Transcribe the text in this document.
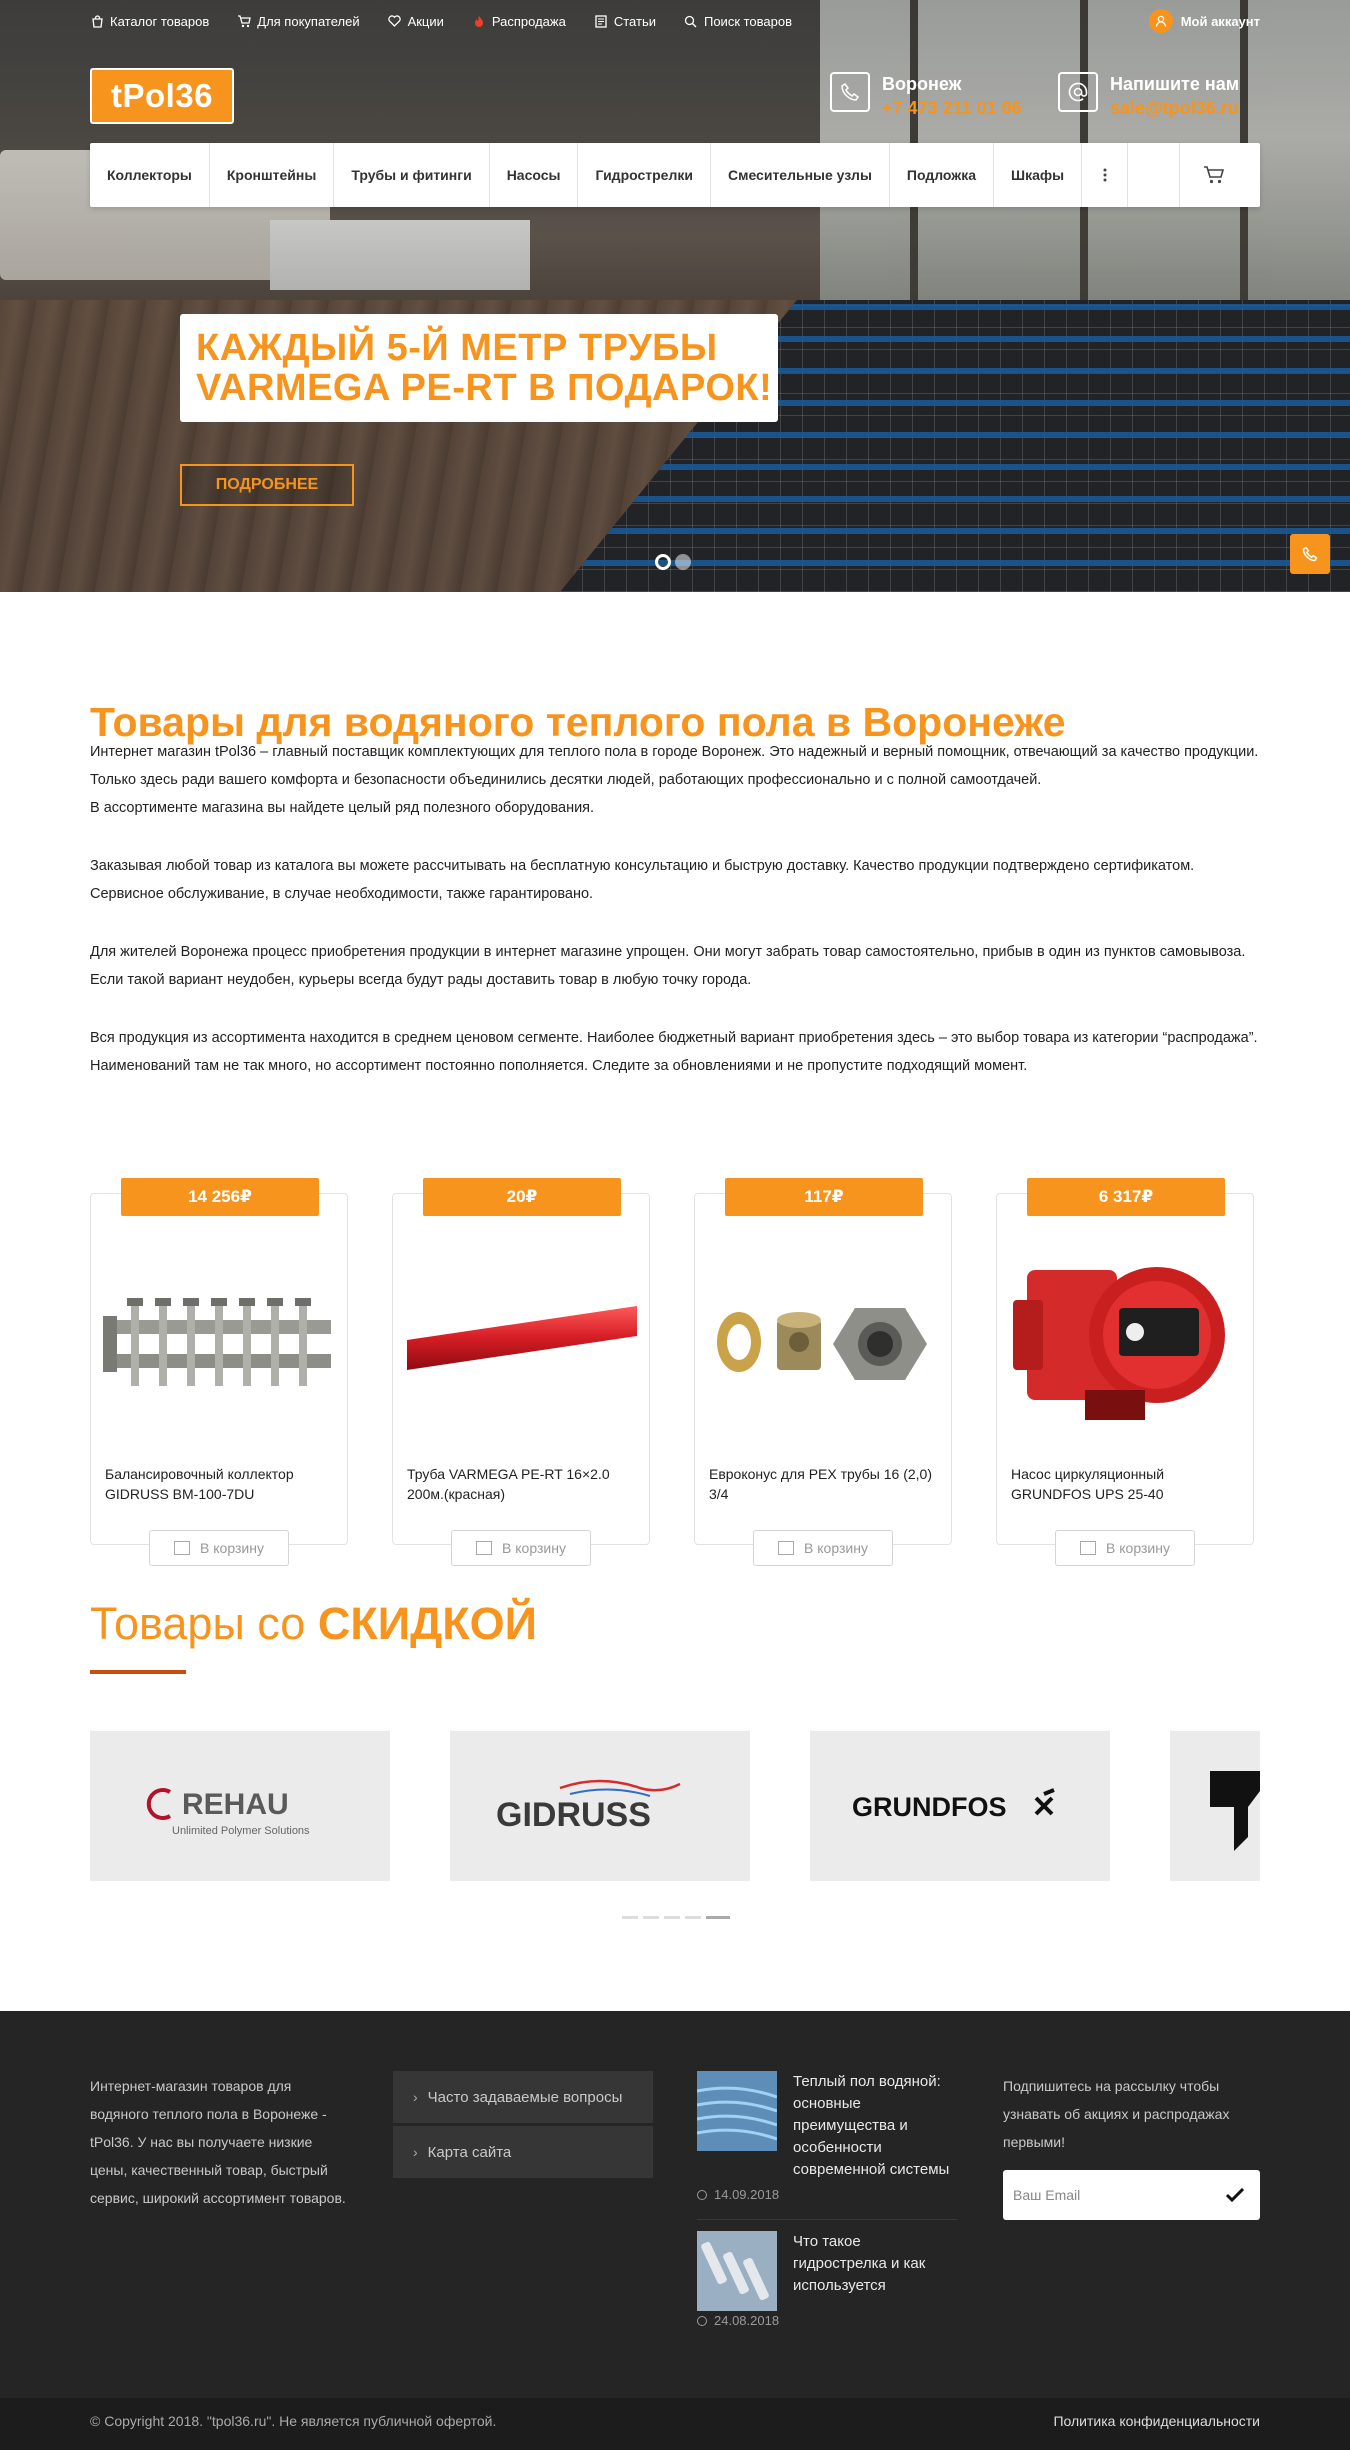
Каталог товаров	Для покупателей	Акции	Распродажа	Статьи	Поиск товаров	Мой аккаунт
tPol36	Воронеж
+7 473 211 01 06
Напишите нам
sale@tpol36.ru
Коллекторы	Кронштейны	Трубы и фитинги	Насосы	Гидрострелки	Смесительные узлы	Подложка	Шкафы
КАЖДЫЙ 5-Й МЕТР ТРУБЫ
VARMEGA PE-RT В ПОДАРОК!
ПОДРОБНЕЕ
Товары для водяного теплого пола в Воронеже

Интернет магазин tPol36 – главный поставщик комплектующих для теплого пола в городе Воронеж. Это надежный и верный помощник, отвечающий за качество продукции. Только здесь ради вашего комфорта и безопасности объединились десятки людей, работающих профессионально и с полной самоотдачей.

В ассортименте магазина вы найдете целый ряд полезного оборудования.

Заказывая любой товар из каталога вы можете рассчитывать на бесплатную консультацию и быструю доставку. Качество продукции подтверждено сертификатом. Сервисное обслуживание, в случае необходимости, также гарантировано.

Для жителей Воронежа процесс приобретения продукции в интернет магазине упрощен. Они могут забрать товар самостоятельно, прибыв в один из пунктов самовывоза. Если такой вариант неудобен, курьеры всегда будут рады доставить товар в любую точку города.

Вся продукция из ассортимента находится в среднем ценовом сегменте. Наиболее бюджетный вариант приобретения здесь – это выбор товара из категории “распродажа”. Наименований там не так много, но ассортимент постоянно пополняется. Следите за обновлениями и не пропустите подходящий момент.

14 256₽
Балансировочный коллектор GIDRUSS BM-100-7DU
В корзину
20₽
Труба VARMEGA PE-RT 16×2.0 200м.(красная)
В корзину
117₽
Евроконус для PEX трубы 16 (2,0) 3/4
В корзину
6 317₽
Насос циркуляционный GRUNDFOS UPS 25-40
В корзину
Товары со СКИДКОЙ
REHAU
Unlimited Polymer Solutions	GIDRUSS	GRUNDFOS
Интернет-магазин товаров для водяного теплого пола в Воронеже - tPol36. У нас вы получаете низкие цены, качественный товар, быстрый сервис, широкий ассортимент товаров.
› Часто задаваемые вопросы
› Карта сайта
Теплый пол водяной: основные преимущества и особенности современной системы
14.09.2018
Что такое гидрострелка и как используется
24.08.2018
Подпишитесь на рассылку чтобы узнавать об акциях и распродажах первыми!
Ваш Email
© Copyright 2018. "tpol36.ru". Не является публичной офертой.	Политика конфиденциальности
